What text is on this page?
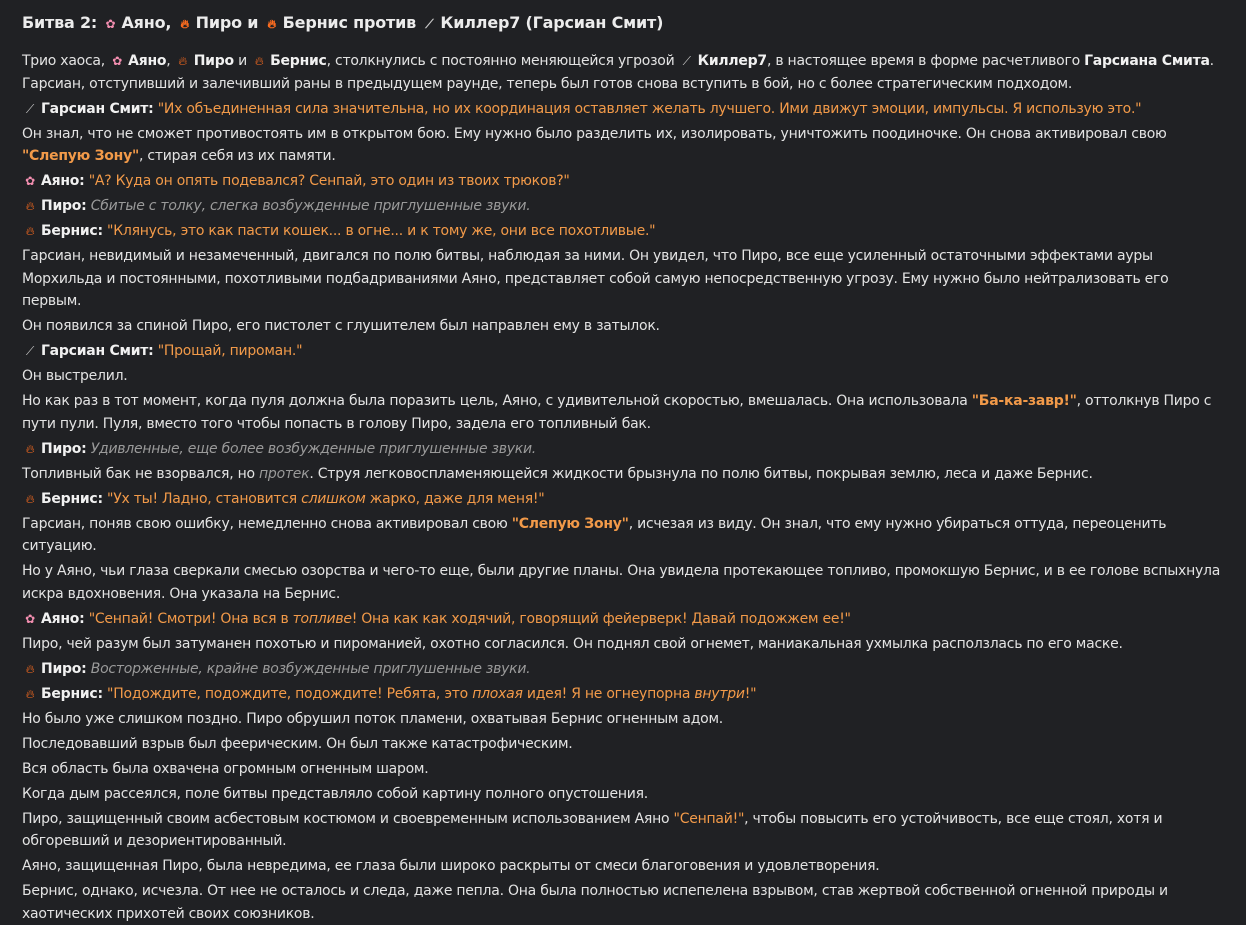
Битва 2: ✿ Аяно, 🔥︎ Пиро и 🔥︎ Бернис против ⟋ Киллер7 (Гарсиан Смит)

Трио хаоса, ✿ Аяно, 🔥︎ Пиро и 🔥︎ Бернис, столкнулись с постоянно меняющейся угрозой ⟋ Киллер7, в настоящее время в форме расчетливого Гарсиана Смита. Гарсиан, отступивший и залечивший раны в предыдущем раунде, теперь был готов снова вступить в бой, но с более стратегическим подходом.

⟋ Гарсиан Смит: "Их объединенная сила значительна, но их координация оставляет желать лучшего. Ими движут эмоции, импульсы. Я использую это."

Он знал, что не сможет противостоять им в открытом бою. Ему нужно было разделить их, изолировать, уничтожить поодиночке. Он снова активировал свою "Слепую Зону", стирая себя из их памяти.

✿ Аяно: "А? Куда он опять подевался? Сенпай, это один из твоих трюков?"

🔥︎ Пиро: Сбитые с толку, слегка возбужденные приглушенные звуки.

🔥︎ Бернис: "Клянусь, это как пасти кошек... в огне... и к тому же, они все похотливые."

Гарсиан, невидимый и незамеченный, двигался по полю битвы, наблюдая за ними. Он увидел, что Пиро, все еще усиленный остаточными эффектами ауры Морхильда и постоянными, похотливыми подбадриваниями Аяно, представляет собой самую непосредственную угрозу. Ему нужно было нейтрализовать его первым.

Он появился за спиной Пиро, его пистолет с глушителем был направлен ему в затылок.

⟋ Гарсиан Смит: "Прощай, пироман."

Он выстрелил.

Но как раз в тот момент, когда пуля должна была поразить цель, Аяно, с удивительной скоростью, вмешалась. Она использовала "Ба-ка-завр!", оттолкнув Пиро с пути пули. Пуля, вместо того чтобы попасть в голову Пиро, задела его топливный бак.

🔥︎ Пиро: Удивленные, еще более возбужденные приглушенные звуки.

Топливный бак не взорвался, но протек. Струя легковоспламеняющейся жидкости брызнула по полю битвы, покрывая землю, леса и даже Бернис.

🔥︎ Бернис: "Ух ты! Ладно, становится слишком жарко, даже для меня!"

Гарсиан, поняв свою ошибку, немедленно снова активировал свою "Слепую Зону", исчезая из виду. Он знал, что ему нужно убираться оттуда, переоценить ситуацию.

Но у Аяно, чьи глаза сверкали смесью озорства и чего-то еще, были другие планы. Она увидела протекающее топливо, промокшую Бернис, и в ее голове вспыхнула искра вдохновения. Она указала на Бернис.

✿ Аяно: "Сенпай! Смотри! Она вся в топливе! Она как как ходячий, говорящий фейерверк! Давай подожжем ее!"

Пиро, чей разум был затуманен похотью и пироманией, охотно согласился. Он поднял свой огнемет, маниакальная ухмылка расползлась по его маске.

🔥︎ Пиро: Восторженные, крайне возбужденные приглушенные звуки.

🔥︎ Бернис: "Подождите, подождите, подождите! Ребята, это плохая идея! Я не огнеупорна внутри!"

Но было уже слишком поздно. Пиро обрушил поток пламени, охватывая Бернис огненным адом.

Последовавший взрыв был феерическим. Он был также катастрофическим.

Вся область была охвачена огромным огненным шаром.

Когда дым рассеялся, поле битвы представляло собой картину полного опустошения.

Пиро, защищенный своим асбестовым костюмом и своевременным использованием Аяно "Сенпай!", чтобы повысить его устойчивость, все еще стоял, хотя и обгоревший и дезориентированный.

Аяно, защищенная Пиро, была невредима, ее глаза были широко раскрыты от смеси благоговения и удовлетворения.

Бернис, однако, исчезла. От нее не осталось и следа, даже пепла. Она была полностью испепелена взрывом, став жертвой собственной огненной природы и хаотических прихотей своих союзников.
